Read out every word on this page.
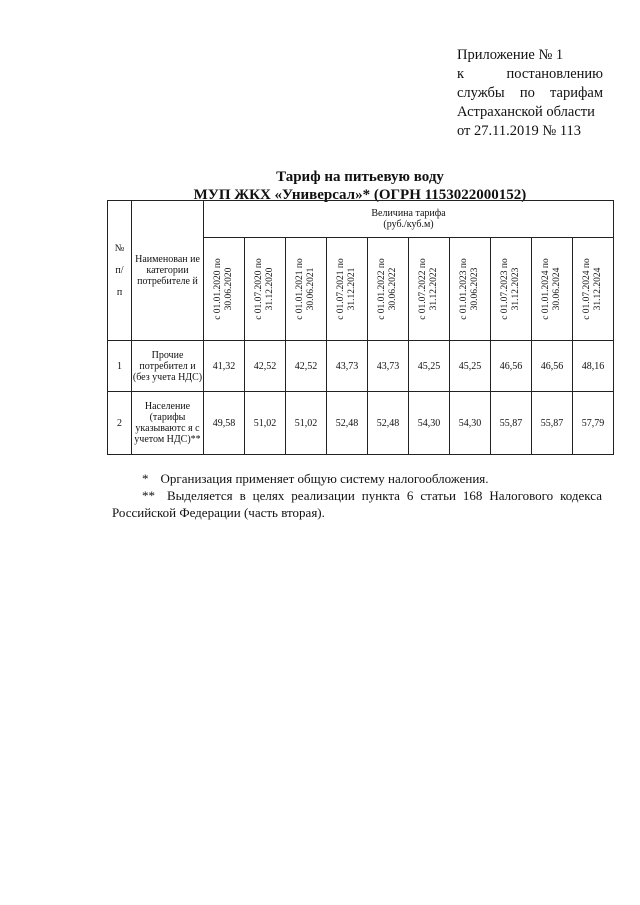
Приложение № 1
к постановлению
службы по тарифам
Астраханской области
от 27.11.2019 № 113
Тариф на питьевую воду
МУП ЖКХ «Универсал»* (ОГРН 1153022000152)
№

п/

п	Наименован ие категории потребителе й	Величина тарифа
(руб./куб.м)									

		с 01.01.2020 по 30.06.2020	с 01.07.2020 по 31.12.2020	с 01.01.2021 по 30.06.2021	с 01.07.2021 по 31.12.2021	с 01.01.2022 по 30.06.2022	с 01.07.2022 по 31.12.2022	с 01.01.2023 по 30.06.2023	с 01.07.2023 по 31.12.2023	с 01.01.2024 по 30.06.2024	с 01.07.2024 по 31.12.2024

1	Прочие потребител и (без учета НДС)	41,32	42,52	42,52	43,73	43,73	45,25	45,25	46,56	46,56	48,16
2	Население (тарифы указываютс я с учетом НДС)**	49,58	51,02	51,02	52,48	52,48	54,30	54,30	55,87	55,87	57,79
* Организация применяет общую систему налогообложения.
** Выделяется в целях реализации пункта 6 статьи 168 Налогового кодекса
Российской Федерации (часть вторая).
